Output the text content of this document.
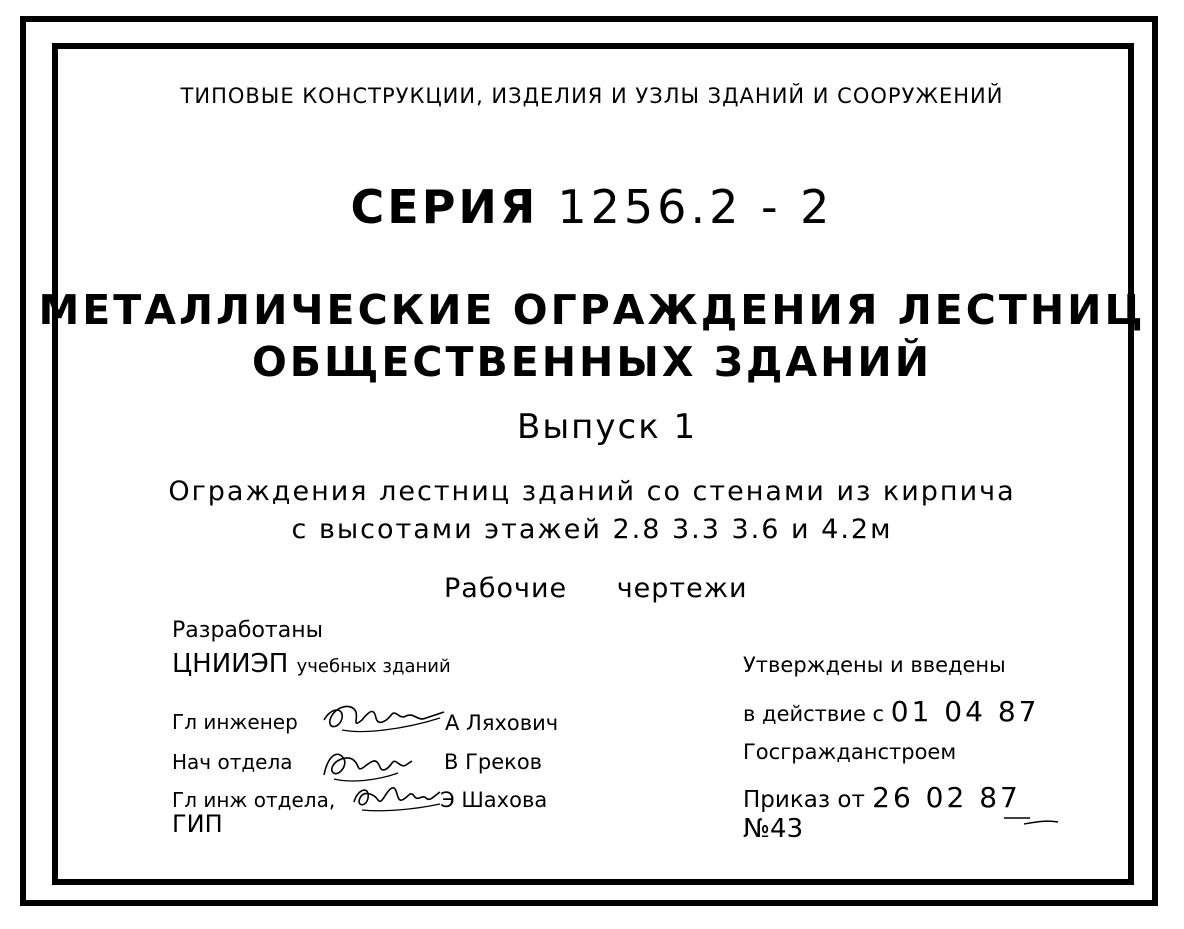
ТИПОВЫЕ КОНСТРУКЦИИ, ИЗДЕЛИЯ И УЗЛЫ ЗДАНИЙ И СООРУЖЕНИЙ
СЕРИЯ 1256.2 - 2
МЕТАЛЛИЧЕСКИЕ ОГРАЖДЕНИЯ ЛЕСТНИЦ
ОБЩЕСТВЕННЫХ ЗДАНИЙ
Выпуск 1
Ограждения лестниц зданий со стенами из кирпича
с высотами этажей 2.8 3.3 3.6 и 4.2м
Рабочие чертежи
Разработаны
ЦНИИЭП учебных зданий
Гл инженер
Нач отдела
Гл инж отдела,
ГИП
А Ляхович
В Греков
Э Шахова
Утверждены и введены
в действие с 01 04 87
Госгражданстроем
Приказ от 26 02 87
№43
